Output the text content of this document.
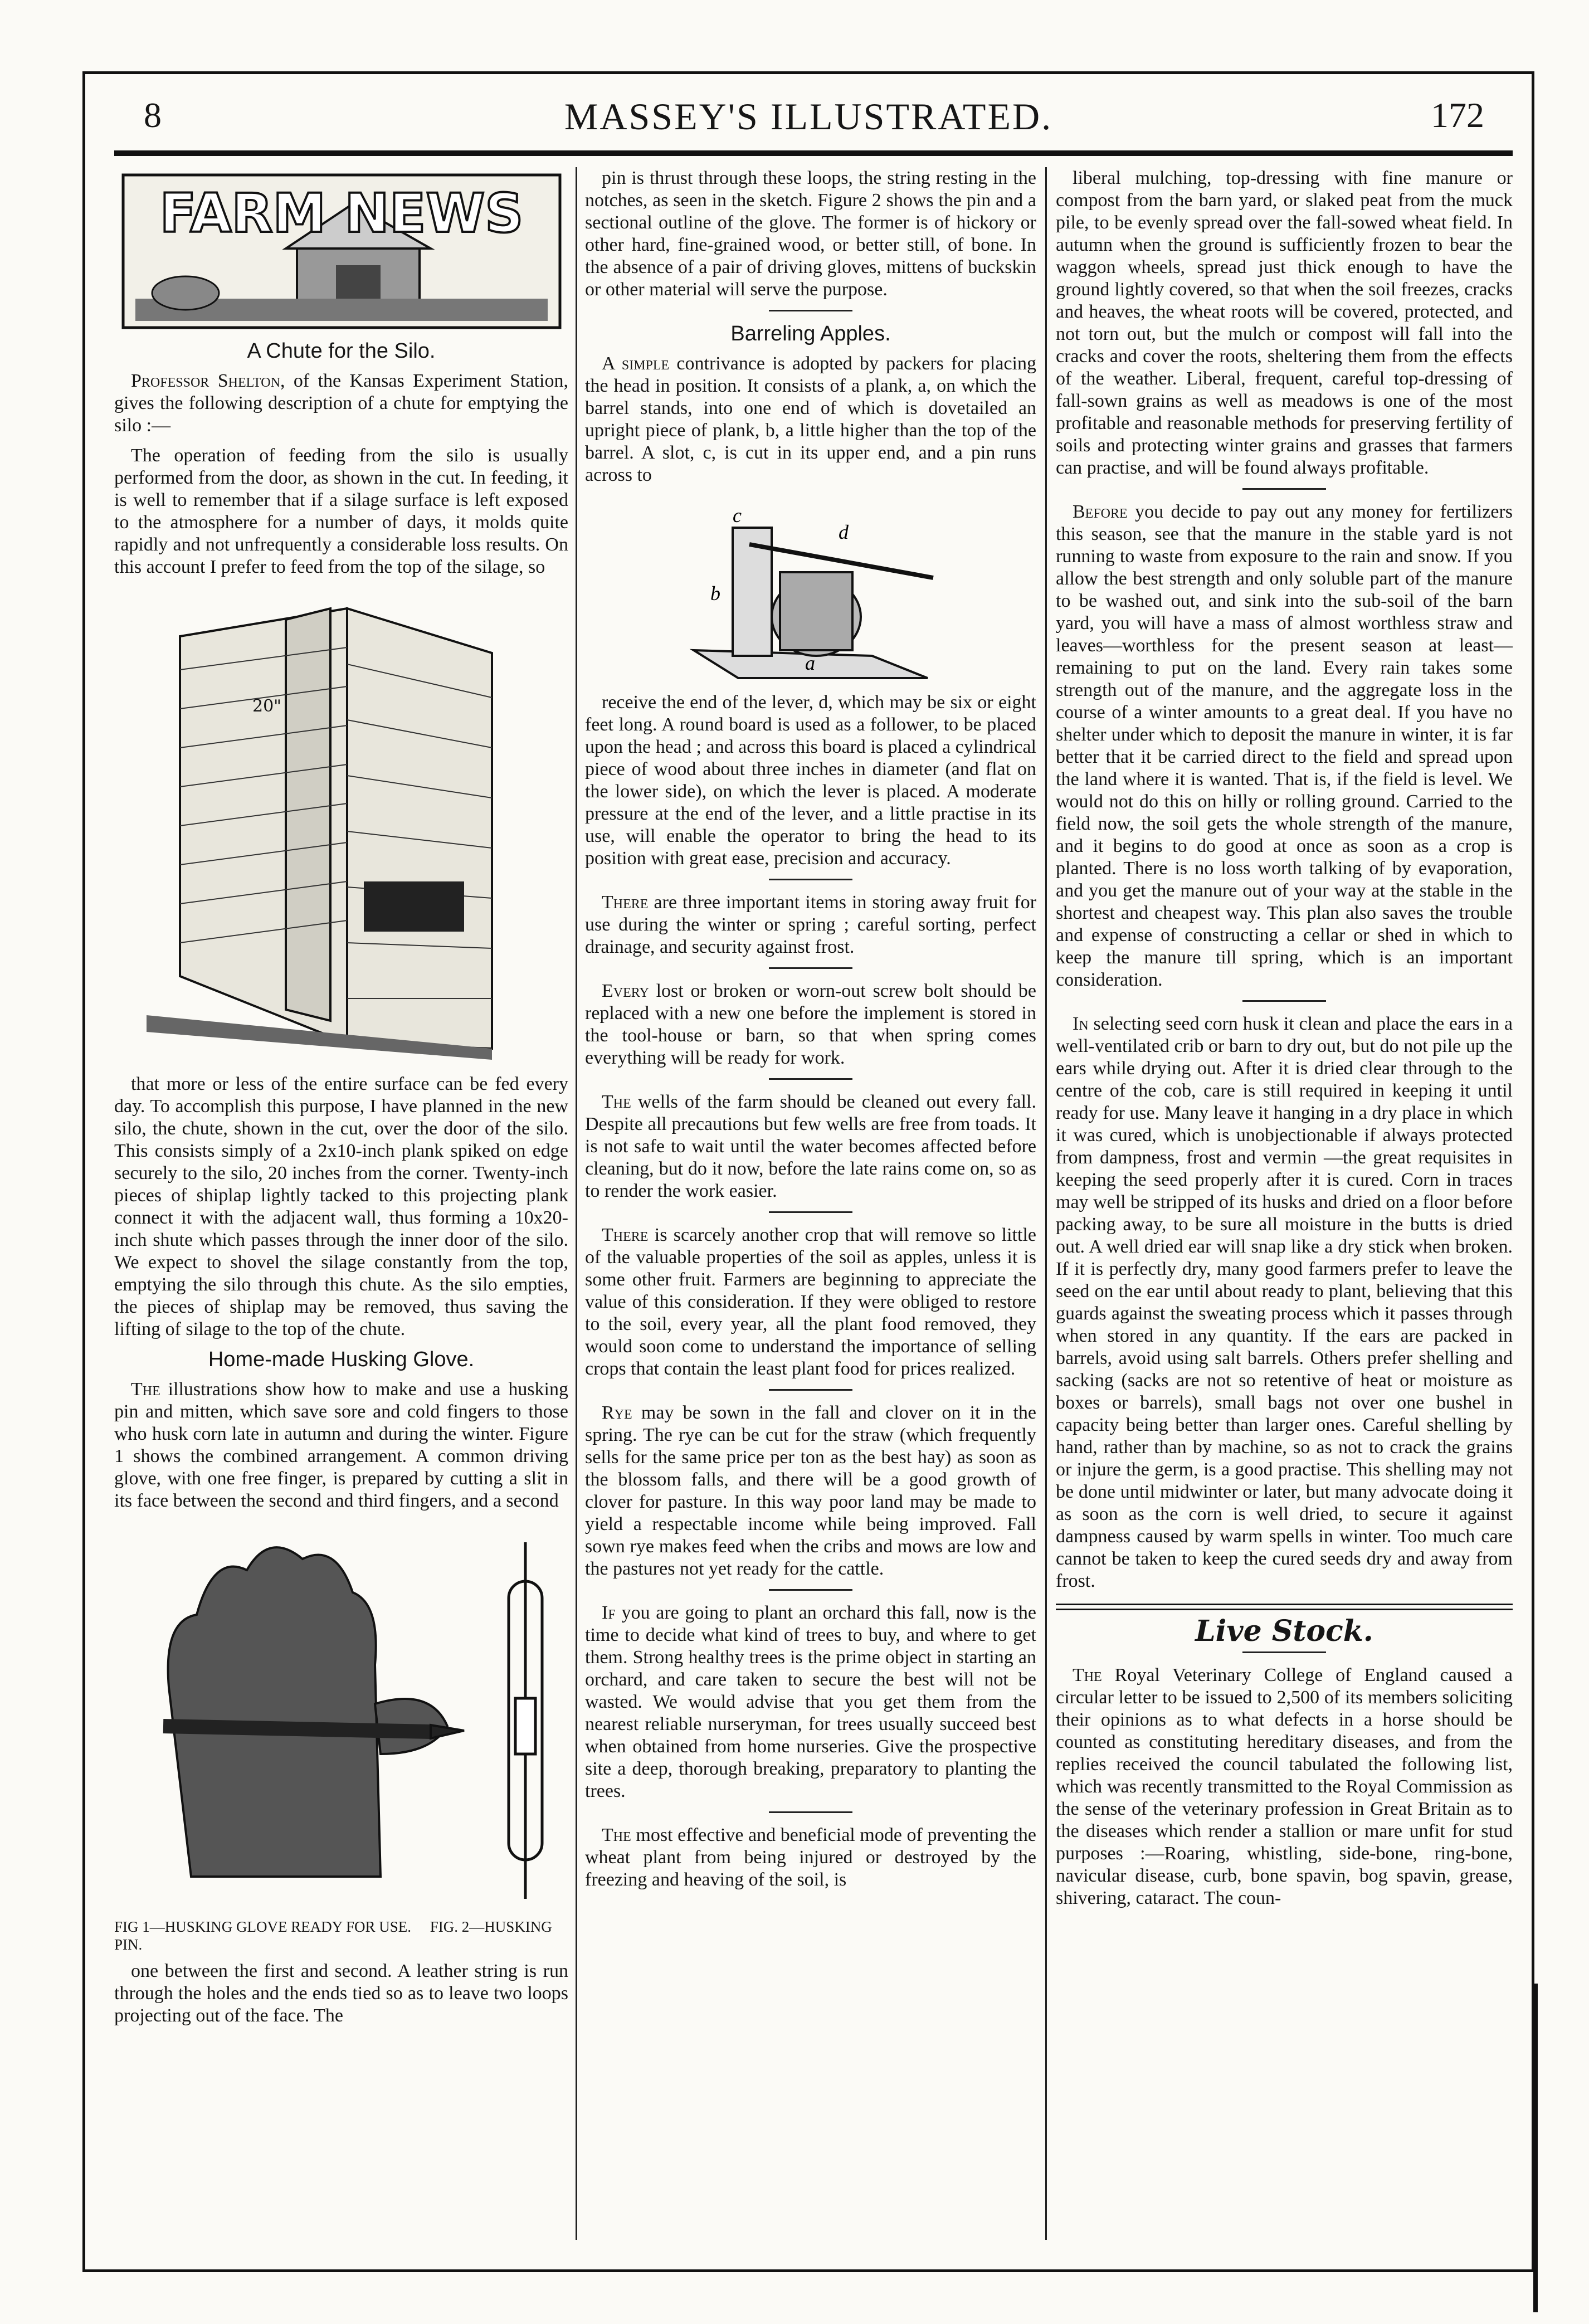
8	MASSEY'S ILLUSTRATED.	172
FARM NEWS
A Chute for the Silo.

Professor Shelton, of the Kansas Experiment Station, gives the following description of a chute for emptying the silo :—

The operation of feeding from the silo is usually performed from the door, as shown in the cut. In feeding, it is well to remember that if a silage surface is left exposed to the atmosphere for a number of days, it molds quite rapidly and not unfrequently a considerable loss results. On this account I prefer to feed from the top of the silage, so

20"

that more or less of the entire surface can be fed every day. To accomplish this purpose, I have planned in the new silo, the chute, shown in the cut, over the door of the silo. This consists simply of a 2x10-inch plank spiked on edge securely to the silo, 20 inches from the corner. Twenty-inch pieces of shiplap lightly tacked to this projecting plank connect it with the adjacent wall, thus forming a 10x20-inch shute which passes through the inner door of the silo. We expect to shovel the silage constantly from the top, emptying the silo through this chute. As the silo empties, the pieces of shiplap may be removed, thus saving the lifting of silage to the top of the chute.

Home-made Husking Glove.

The illustrations show how to make and use a husking pin and mitten, which save sore and cold fingers to those who husk corn late in autumn and during the winter. Figure 1 shows the combined arrangement. A common driving glove, with one free finger, is prepared by cutting a slit in its face between the second and third fingers, and a second

FIG 1—HUSKING GLOVE READY FOR USE. FIG. 2—HUSKING PIN.

one between the first and second. A leather string is run through the holes and the ends tied so as to leave two loops projecting out of the face. The

pin is thrust through these loops, the string resting in the notches, as seen in the sketch. Figure 2 shows the pin and a sectional outline of the glove. The former is of hickory or other hard, fine-grained wood, or better still, of bone. In the absence of a pair of driving gloves, mittens of buckskin or other material will serve the purpose.

Barreling Apples.

A simple contrivance is adopted by packers for placing the head in position. It consists of a plank, a, on which the barrel stands, into one end of which is dovetailed an upright piece of plank, b, a little higher than the top of the barrel. A slot, c, is cut in its upper end, and a pin runs across to

c
d
b
a

receive the end of the lever, d, which may be six or eight feet long. A round board is used as a follower, to be placed upon the head ; and across this board is placed a cylindrical piece of wood about three inches in diameter (and flat on the lower side), on which the lever is placed. A moderate pressure at the end of the lever, and a little practise in its use, will enable the operator to bring the head to its position with great ease, precision and accuracy.

There are three important items in storing away fruit for use during the winter or spring ; careful sorting, perfect drainage, and security against frost.

Every lost or broken or worn-out screw bolt should be replaced with a new one before the implement is stored in the tool-house or barn, so that when spring comes everything will be ready for work.

The wells of the farm should be cleaned out every fall. Despite all precautions but few wells are free from toads. It is not safe to wait until the water becomes affected before cleaning, but do it now, before the late rains come on, so as to render the work easier.

There is scarcely another crop that will remove so little of the valuable properties of the soil as apples, unless it is some other fruit. Farmers are beginning to appreciate the value of this consideration. If they were obliged to restore to the soil, every year, all the plant food removed, they would soon come to understand the importance of selling crops that contain the least plant food for prices realized.

Rye may be sown in the fall and clover on it in the spring. The rye can be cut for the straw (which frequently sells for the same price per ton as the best hay) as soon as the blossom falls, and there will be a good growth of clover for pasture. In this way poor land may be made to yield a respectable income while being improved. Fall sown rye makes feed when the cribs and mows are low and the pastures not yet ready for the cattle.

If you are going to plant an orchard this fall, now is the time to decide what kind of trees to buy, and where to get them. Strong healthy trees is the prime object in starting an orchard, and care taken to secure the best will not be wasted. We would advise that you get them from the nearest reliable nurseryman, for trees usually succeed best when obtained from home nurseries. Give the prospective site a deep, thorough breaking, preparatory to planting the trees.

The most effective and beneficial mode of preventing the wheat plant from being injured or destroyed by the freezing and heaving of the soil, is

liberal mulching, top-dressing with fine manure or compost from the barn yard, or slaked peat from the muck pile, to be evenly spread over the fall-sowed wheat field. In autumn when the ground is sufficiently frozen to bear the waggon wheels, spread just thick enough to have the ground lightly covered, so that when the soil freezes, cracks and heaves, the wheat roots will be covered, protected, and not torn out, but the mulch or compost will fall into the cracks and cover the roots, sheltering them from the effects of the weather. Liberal, frequent, careful top-dressing of fall-sown grains as well as meadows is one of the most profitable and reasonable methods for preserving fertility of soils and protecting winter grains and grasses that farmers can practise, and will be found always profitable.

Before you decide to pay out any money for fertilizers this season, see that the manure in the stable yard is not running to waste from exposure to the rain and snow. If you allow the best strength and only soluble part of the manure to be washed out, and sink into the sub-soil of the barn yard, you will have a mass of almost worthless straw and leaves—worthless for the present season at least—remaining to put on the land. Every rain takes some strength out of the manure, and the aggregate loss in the course of a winter amounts to a great deal. If you have no shelter under which to deposit the manure in winter, it is far better that it be carried direct to the field and spread upon the land where it is wanted. That is, if the field is level. We would not do this on hilly or rolling ground. Carried to the field now, the soil gets the whole strength of the manure, and it begins to do good at once as soon as a crop is planted. There is no loss worth talking of by evaporation, and you get the manure out of your way at the stable in the shortest and cheapest way. This plan also saves the trouble and expense of constructing a cellar or shed in which to keep the manure till spring, which is an important consideration.

In selecting seed corn husk it clean and place the ears in a well-ventilated crib or barn to dry out, but do not pile up the ears while drying out. After it is dried clear through to the centre of the cob, care is still required in keeping it until ready for use. Many leave it hanging in a dry place in which it was cured, which is unobjectionable if always protected from dampness, frost and vermin —the great requisites in keeping the seed properly after it is cured. Corn in traces may well be stripped of its husks and dried on a floor before packing away, to be sure all moisture in the butts is dried out. A well dried ear will snap like a dry stick when broken. If it is perfectly dry, many good farmers prefer to leave the seed on the ear until about ready to plant, believing that this guards against the sweating process which it passes through when stored in any quantity. If the ears are packed in barrels, avoid using salt barrels. Others prefer shelling and sacking (sacks are not so retentive of heat or moisture as boxes or barrels), small bags not over one bushel in capacity being better than larger ones. Careful shelling by hand, rather than by machine, so as not to crack the grains or injure the germ, is a good practise. This shelling may not be done until midwinter or later, but many advocate doing it as soon as the corn is well dried, to secure it against dampness caused by warm spells in winter. Too much care cannot be taken to keep the cured seeds dry and away from frost.

Live Stock.

The Royal Veterinary College of England caused a circular letter to be issued to 2,500 of its members soliciting their opinions as to what defects in a horse should be counted as constituting hereditary diseases, and from the replies received the council tabulated the following list, which was recently transmitted to the Royal Commission as the sense of the veterinary profession in Great Britain as to the diseases which render a stallion or mare unfit for stud purposes :—Roaring, whistling, side-bone, ring-bone, navicular disease, curb, bone spavin, bog spavin, grease, shivering, cataract. The coun-
